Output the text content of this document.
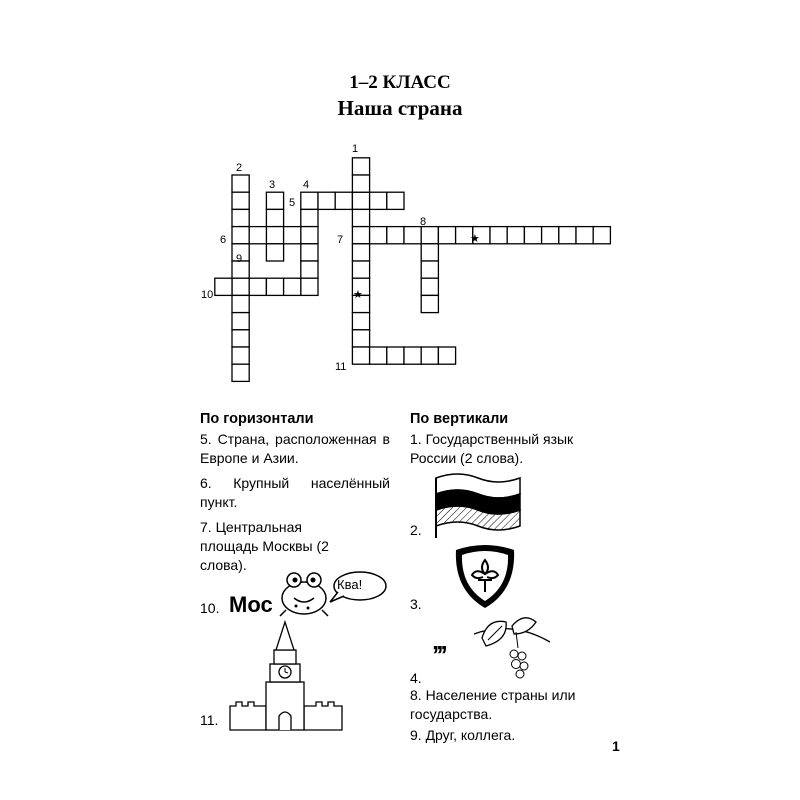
1–2 КЛАСС
Наша страна
1
2
3	4
5
6	7
8
9
10
11
★
★
По горизонтали

5. Страна, расположенная в Европе и Азии.

6. Крупный населённый пункт.

7. Центральная площадь Москвы (2 слова).

По вертикали

1. Государственный язык России (2 слова).

10. Мос
Ква!
11.
2.
3.
4.
’’’

8. Население страны или государства.

9. Друг, коллега.

1
